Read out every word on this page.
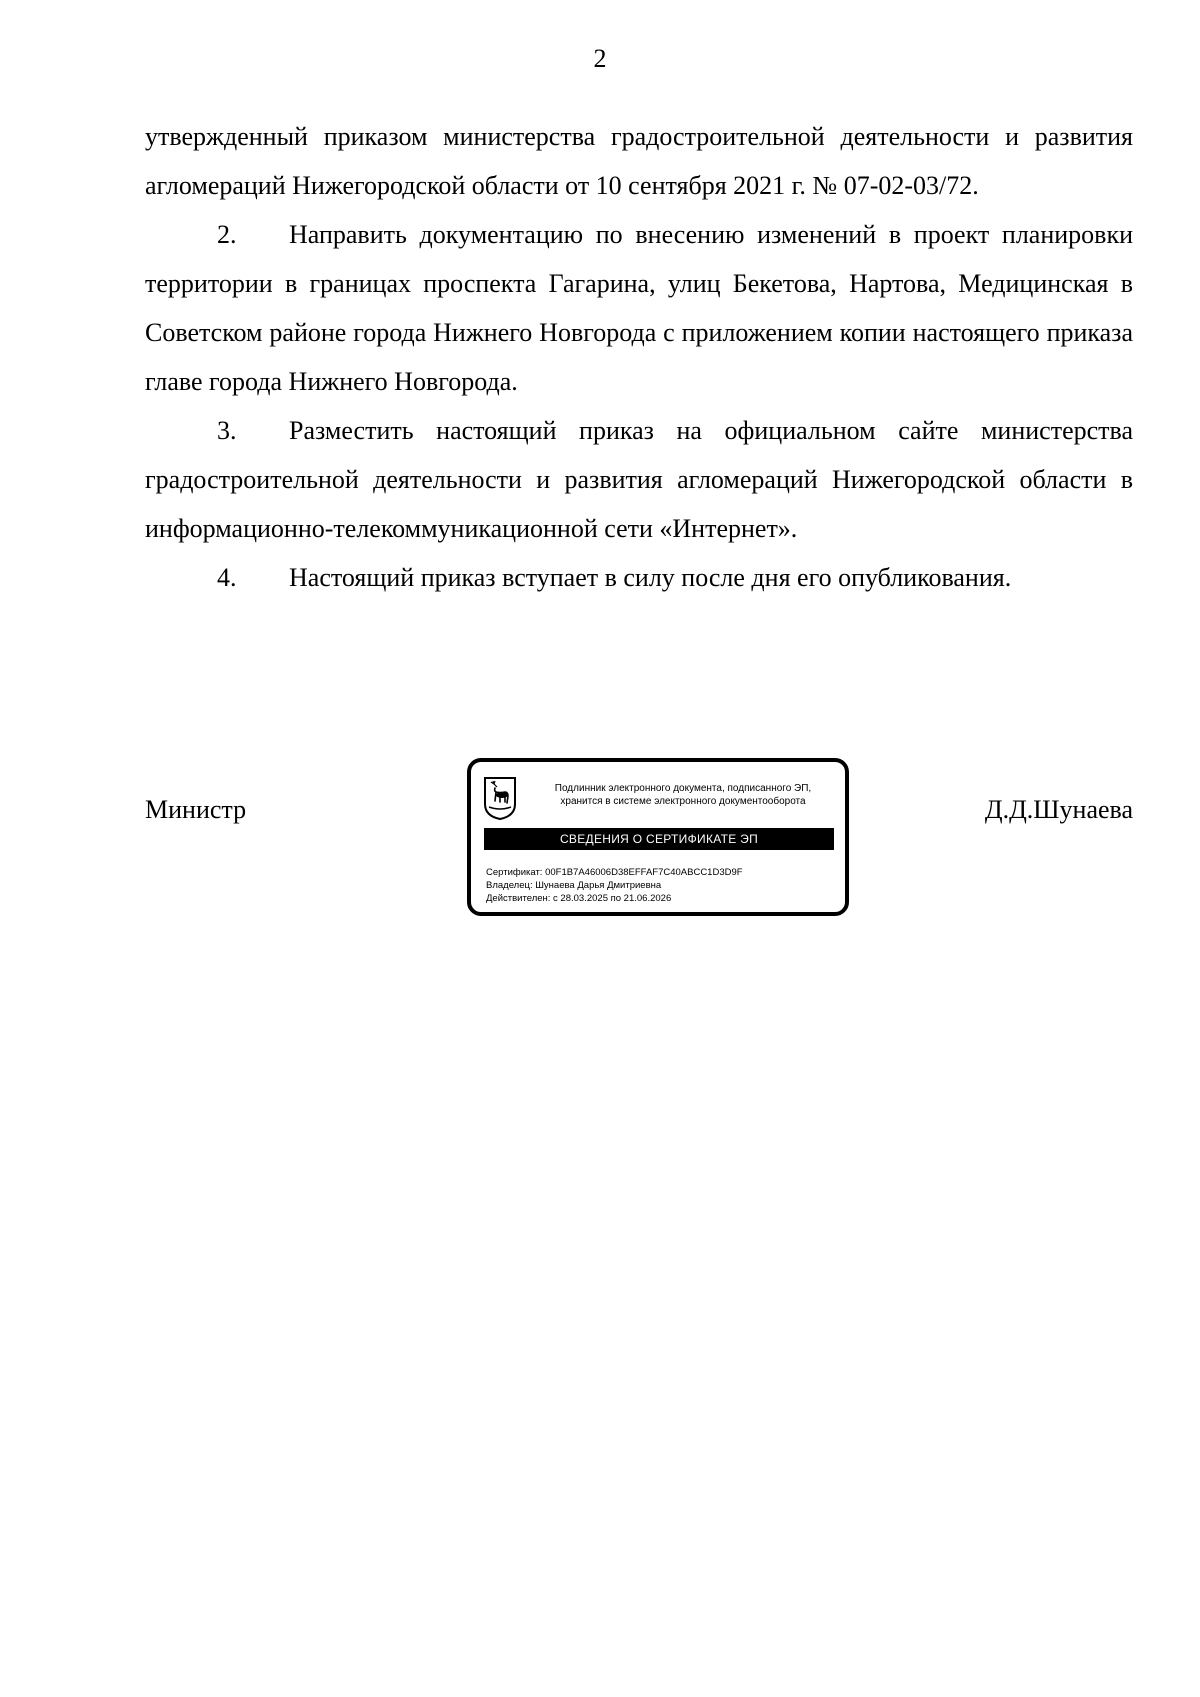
2

утвержденный приказом министерства градостроительной деятельности и развития агломераций Нижегородской области от 10 сентября 2021 г. № 07-02-03/72.

2. Направить документацию по внесению изменений в проект планировки территории в границах проспекта Гагарина, улиц Бекетова, Нартова, Медицинская в Советском районе города Нижнего Новгорода с приложением копии настоящего приказа главе города Нижнего Новгорода.

3. Разместить настоящий приказ на официальном сайте министерства градостроительной деятельности и развития агломераций Нижегородской области в информационно-телекоммуникационной сети «Интернет».

4. Настоящий приказ вступает в силу после дня его опубликования.

Министр	Д.Д.Шунаева
Подлинник электронного документа, подписанного ЭП,
хранится в системе электронного документооборота
СВЕДЕНИЯ О СЕРТИФИКАТЕ ЭП
Сертификат: 00F1B7A46006D38EFFAF7C40ABCC1D3D9F
Владелец: Шунаева Дарья Дмитриевна
Действителен: с 28.03.2025 по 21.06.2026
